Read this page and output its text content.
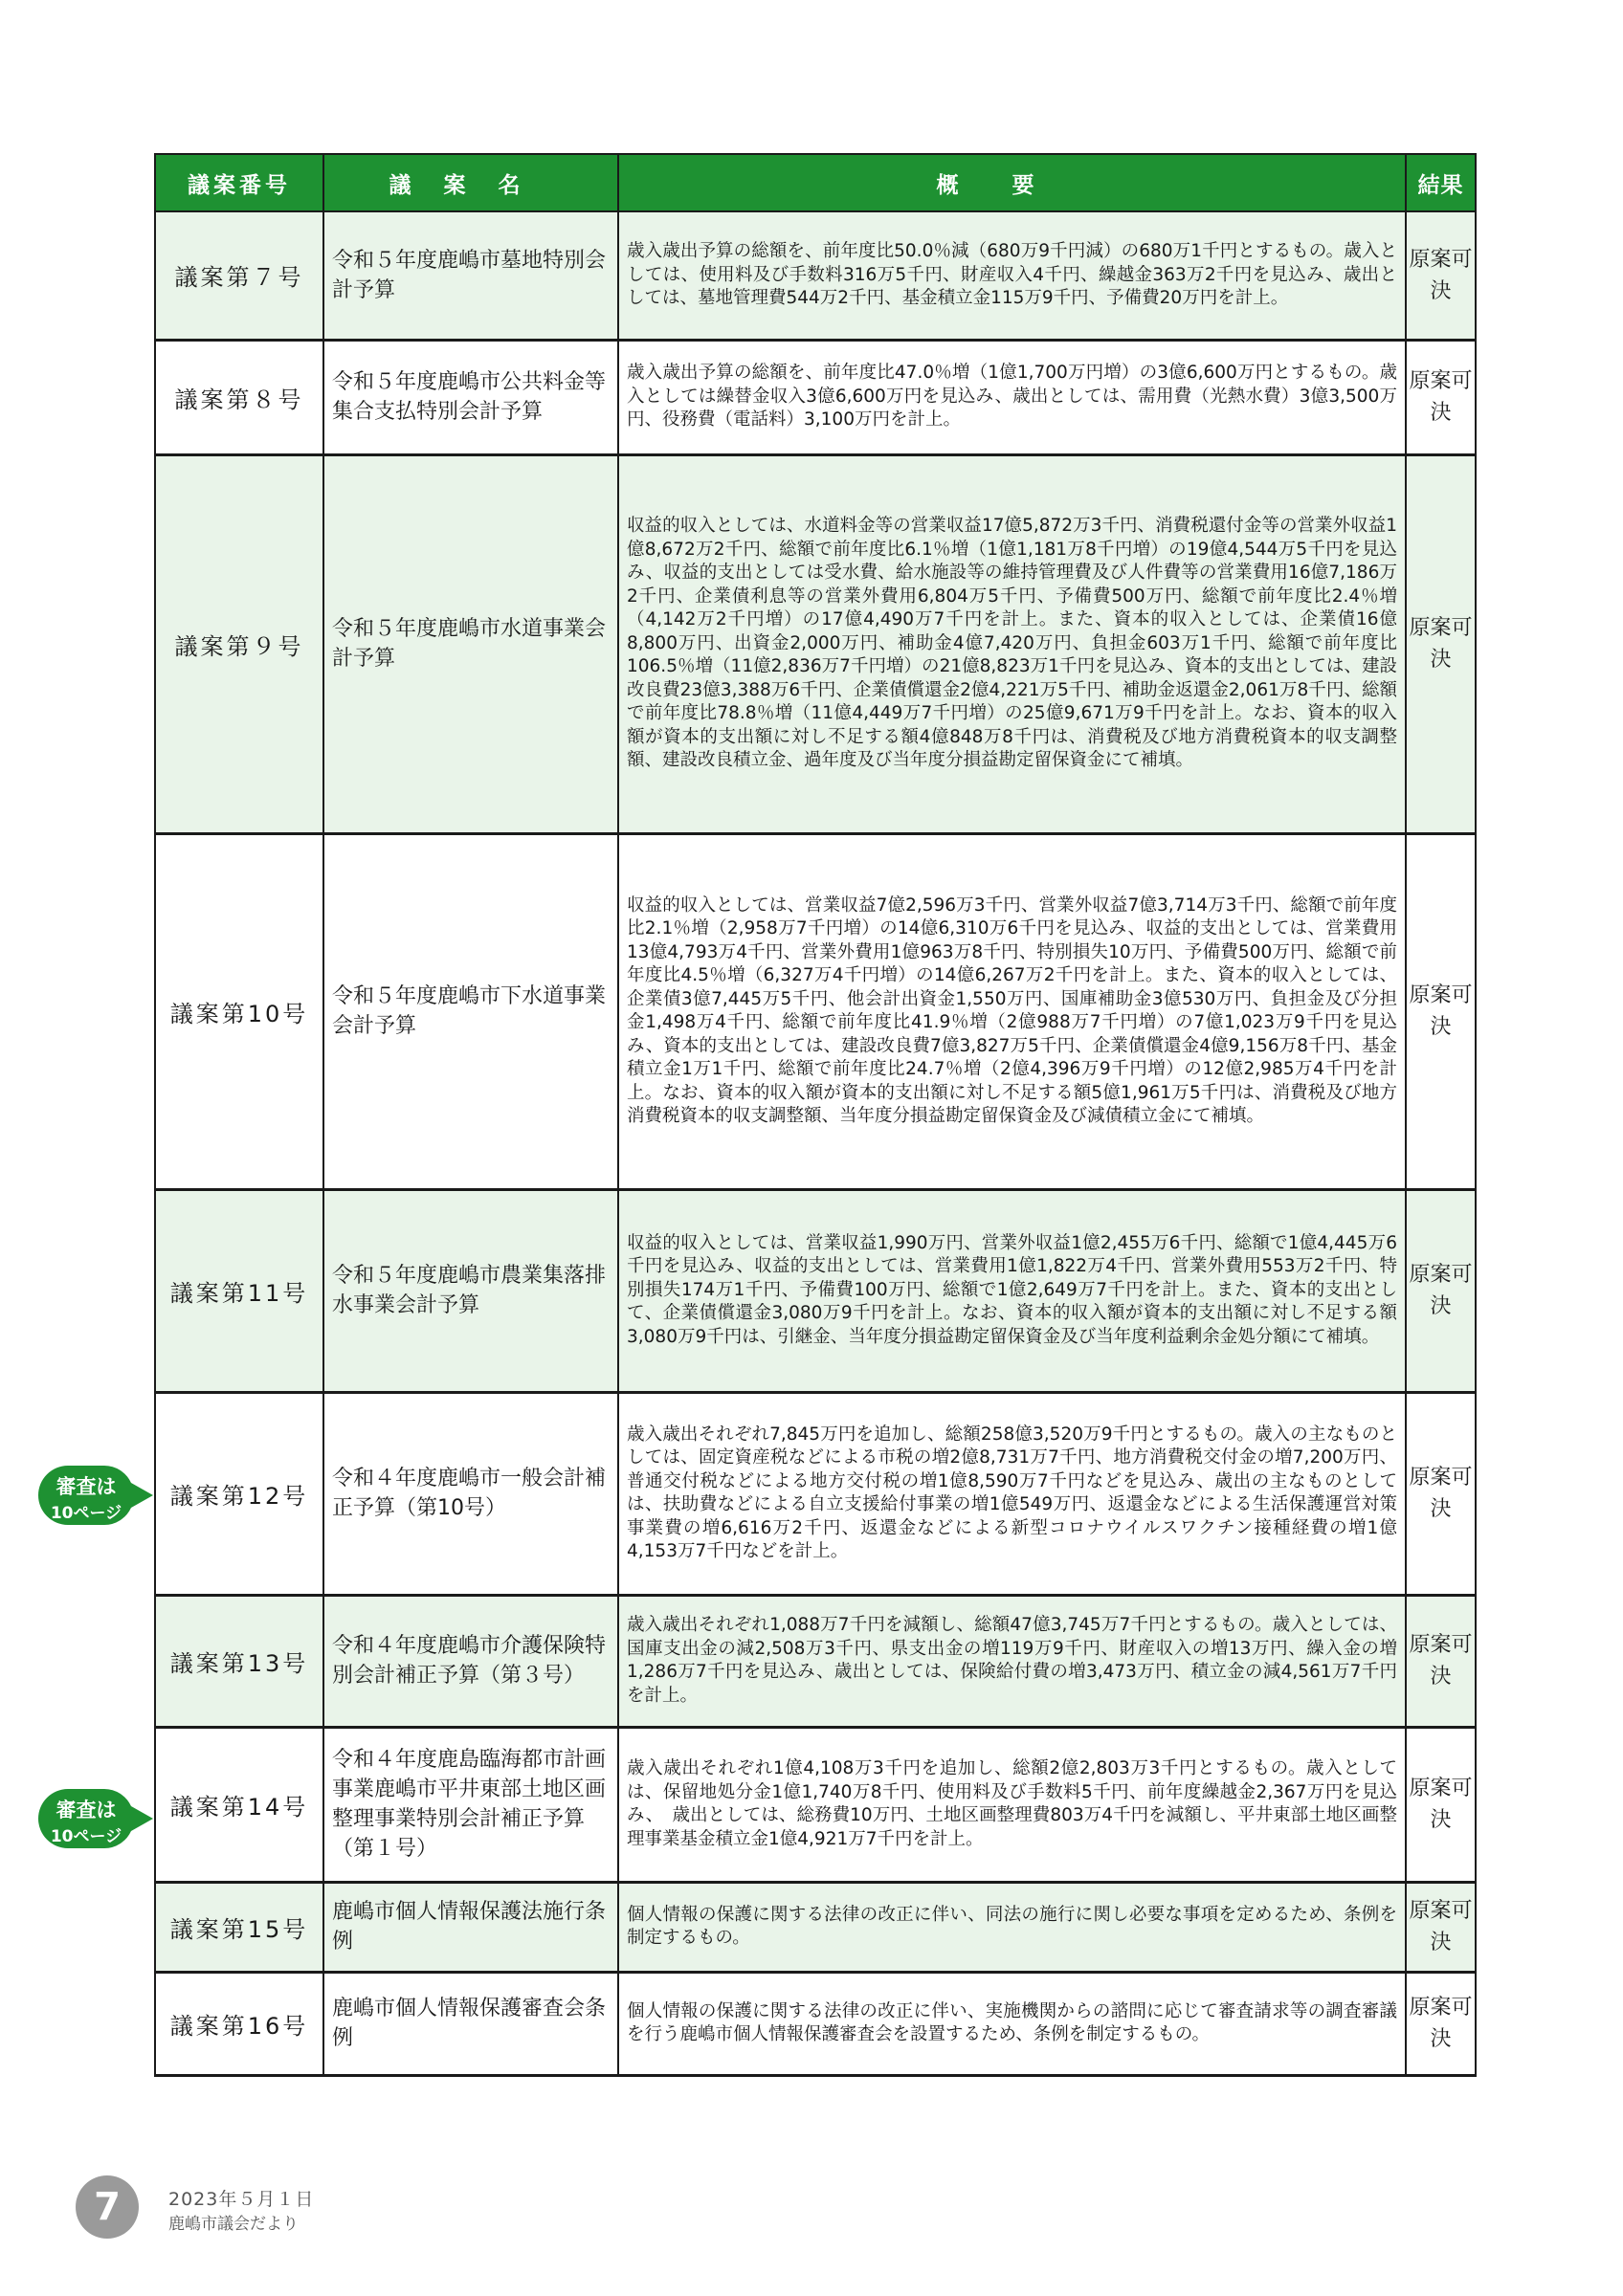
議案番号	議案名	概要	結果
議案第７号	令和５年度鹿嶋市墓地特別会計予算	歳入歳出予算の総額を、前年度比50.0％減（680万9千円減）の680万1千円とするもの。歳入としては、使用料及び手数料316万5千円、財産収入4千円、繰越金363万2千円を見込み、歳出としては、墓地管理費544万2千円、基金積立金115万9千円、予備費20万円を計上。	原案可決
議案第８号	令和５年度鹿嶋市公共料金等集合支払特別会計予算	歳入歳出予算の総額を、前年度比47.0％増（1億1,700万円増）の3億6,600万円とするもの。歳入としては繰替金収入3億6,600万円を見込み、歳出としては、需用費（光熱水費）3億3,500万円、役務費（電話料）3,100万円を計上。	原案可決
議案第９号	令和５年度鹿嶋市水道事業会計予算	収益的収入としては、水道料金等の営業収益17億5,872万3千円、消費税還付金等の営業外収益1億8,672万2千円、総額で前年度比6.1％増（1億1,181万8千円増）の19億4,544万5千円を見込み、収益的支出としては受水費、給水施設等の維持管理費及び人件費等の営業費用16億7,186万2千円、企業債利息等の営業外費用6,804万5千円、予備費500万円、総額で前年度比2.4％増（4,142万2千円増）の17億4,490万7千円を計上。また、資本的収入としては、企業債16億8,800万円、出資金2,000万円、補助金4億7,420万円、負担金603万1千円、総額で前年度比106.5％増（11億2,836万7千円増）の21億8,823万1千円を見込み、資本的支出としては、建設改良費23億3,388万6千円、企業債償還金2億4,221万5千円、補助金返還金2,061万8千円、総額で前年度比78.8％増（11億4,449万7千円増）の25億9,671万9千円を計上。なお、資本的収入額が資本的支出額に対し不足する額4億848万8千円は、消費税及び地方消費税資本的収支調整額、建設改良積立金、過年度及び当年度分損益勘定留保資金にて補填。	原案可決
議案第10号	令和５年度鹿嶋市下水道事業会計予算	収益的収入としては、営業収益7億2,596万3千円、営業外収益7億3,714万3千円、総額で前年度比2.1％増（2,958万7千円増）の14億6,310万6千円を見込み、収益的支出としては、営業費用13億4,793万4千円、営業外費用1億963万8千円、特別損失10万円、予備費500万円、総額で前年度比4.5％増（6,327万4千円増）の14億6,267万2千円を計上。また、資本的収入としては、企業債3億7,445万5千円、他会計出資金1,550万円、国庫補助金3億530万円、負担金及び分担金1,498万4千円、総額で前年度比41.9％増（2億988万7千円増）の7億1,023万9千円を見込み、資本的支出としては、建設改良費7億3,827万5千円、企業債償還金4億9,156万8千円、基金積立金1万1千円、総額で前年度比24.7％増（2億4,396万9千円増）の12億2,985万4千円を計上。なお、資本的収入額が資本的支出額に対し不足する額5億1,961万5千円は、消費税及び地方消費税資本的収支調整額、当年度分損益勘定留保資金及び減債積立金にて補填。	原案可決
議案第11号	令和５年度鹿嶋市農業集落排水事業会計予算	収益的収入としては、営業収益1,990万円、営業外収益1億2,455万6千円、総額で1億4,445万6千円を見込み、収益的支出としては、営業費用1億1,822万4千円、営業外費用553万2千円、特別損失174万1千円、予備費100万円、総額で1億2,649万7千円を計上。また、資本的支出として、企業債償還金3,080万9千円を計上。なお、資本的収入額が資本的支出額に対し不足する額3,080万9千円は、引継金、当年度分損益勘定留保資金及び当年度利益剰余金処分額にて補填。	原案可決
議案第12号	令和４年度鹿嶋市一般会計補正予算（第10号）	歳入歳出それぞれ7,845万円を追加し、総額258億3,520万9千円とするもの。歳入の主なものとしては、固定資産税などによる市税の増2億8,731万7千円、地方消費税交付金の増7,200万円、普通交付税などによる地方交付税の増1億8,590万7千円などを見込み、歳出の主なものとしては、扶助費などによる自立支援給付事業の増1億549万円、返還金などによる生活保護運営対策事業費の増6,616万2千円、返還金などによる新型コロナウイルスワクチン接種経費の増1億4,153万7千円などを計上。	原案可決
議案第13号	令和４年度鹿嶋市介護保険特別会計補正予算（第３号）	歳入歳出それぞれ1,088万7千円を減額し、総額47億3,745万7千円とするもの。歳入としては、国庫支出金の減2,508万3千円、県支出金の増119万9千円、財産収入の増13万円、繰入金の増1,286万7千円を見込み、歳出としては、保険給付費の増3,473万円、積立金の減4,561万7千円を計上。	原案可決
議案第14号	令和４年度鹿島臨海都市計画事業鹿嶋市平井東部土地区画整理事業特別会計補正予算（第１号）	歳入歳出それぞれ1億4,108万3千円を追加し、総額2億2,803万3千円とするもの。歳入としては、保留地処分金1億1,740万8千円、使用料及び手数料5千円、前年度繰越金2,367万円を見込み、　歳出としては、総務費10万円、土地区画整理費803万4千円を減額し、平井東部土地区画整理事業基金積立金1億4,921万7千円を計上。	原案可決
議案第15号	鹿嶋市個人情報保護法施行条例	個人情報の保護に関する法律の改正に伴い、同法の施行に関し必要な事項を定めるため、条例を制定するもの。	原案可決
議案第16号	鹿嶋市個人情報保護審査会条例	個人情報の保護に関する法律の改正に伴い、実施機関からの諮問に応じて審査請求等の調査審議を行う鹿嶋市個人情報保護審査会を設置するため、条例を制定するもの。	原案可決
審査は
10ページ
審査は
10ページ
7	2023年５月１日
鹿嶋市議会だより
